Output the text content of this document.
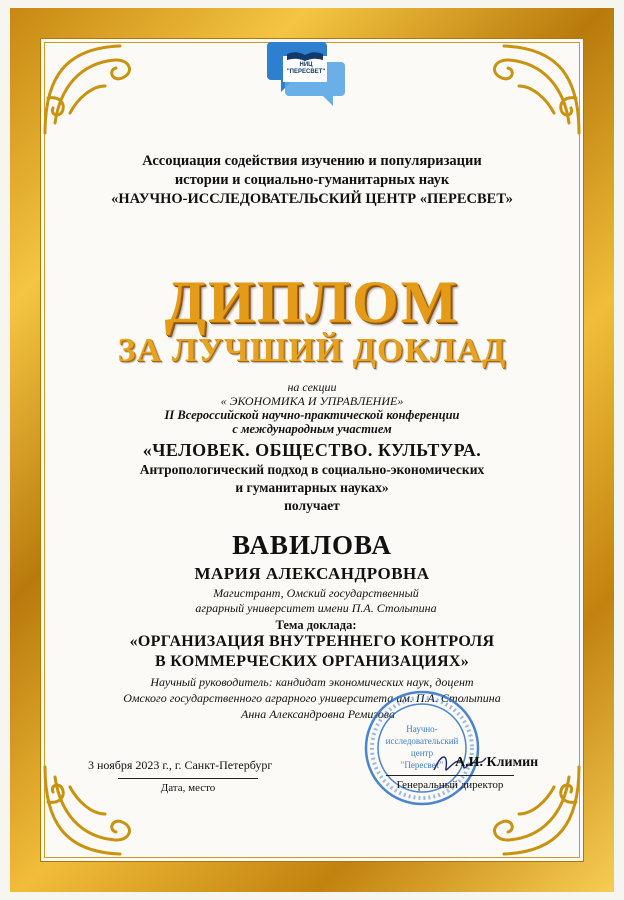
НИЦ
"ПЕРЕСВЕТ"
Ассоциация содействия изучению и популяризации
истории и социально-гуманитарных наук
«НАУЧНО-ИССЛЕДОВАТЕЛЬСКИЙ ЦЕНТР «ПЕРЕСВЕТ»
ДИПЛОМ
ЗА ЛУЧШИЙ ДОКЛАД
на секции
« ЭКОНОМИКА И УПРАВЛЕНИЕ»
II Всероссийской научно-практической конференции
с международным участием
«ЧЕЛОВЕК. ОБЩЕСТВО. КУЛЬТУРА.
Антропологический подход в социально-экономических
и гуманитарных науках»
получает
ВАВИЛОВА
МАРИЯ АЛЕКСАНДРОВНА
Магистрант, Омский государственный
аграрный университет имени П.А. Столыпина
Тема доклада:
«ОРГАНИЗАЦИЯ ВНУТРЕННЕГО КОНТРОЛЯ
В КОММЕРЧЕСКИХ ОРГАНИЗАЦИЯХ»
Научный руководитель: кандидат экономических наук, доцент
Омского государственного аграрного университета им. П.А. Столыпина
Анна Александровна Ремизова
Научно-
исследовательский
центр
"Пересвет"
3 ноября 2023 г., г. Санкт-Петербург
Дата, место
А.И. Климин
Генеральный директор
